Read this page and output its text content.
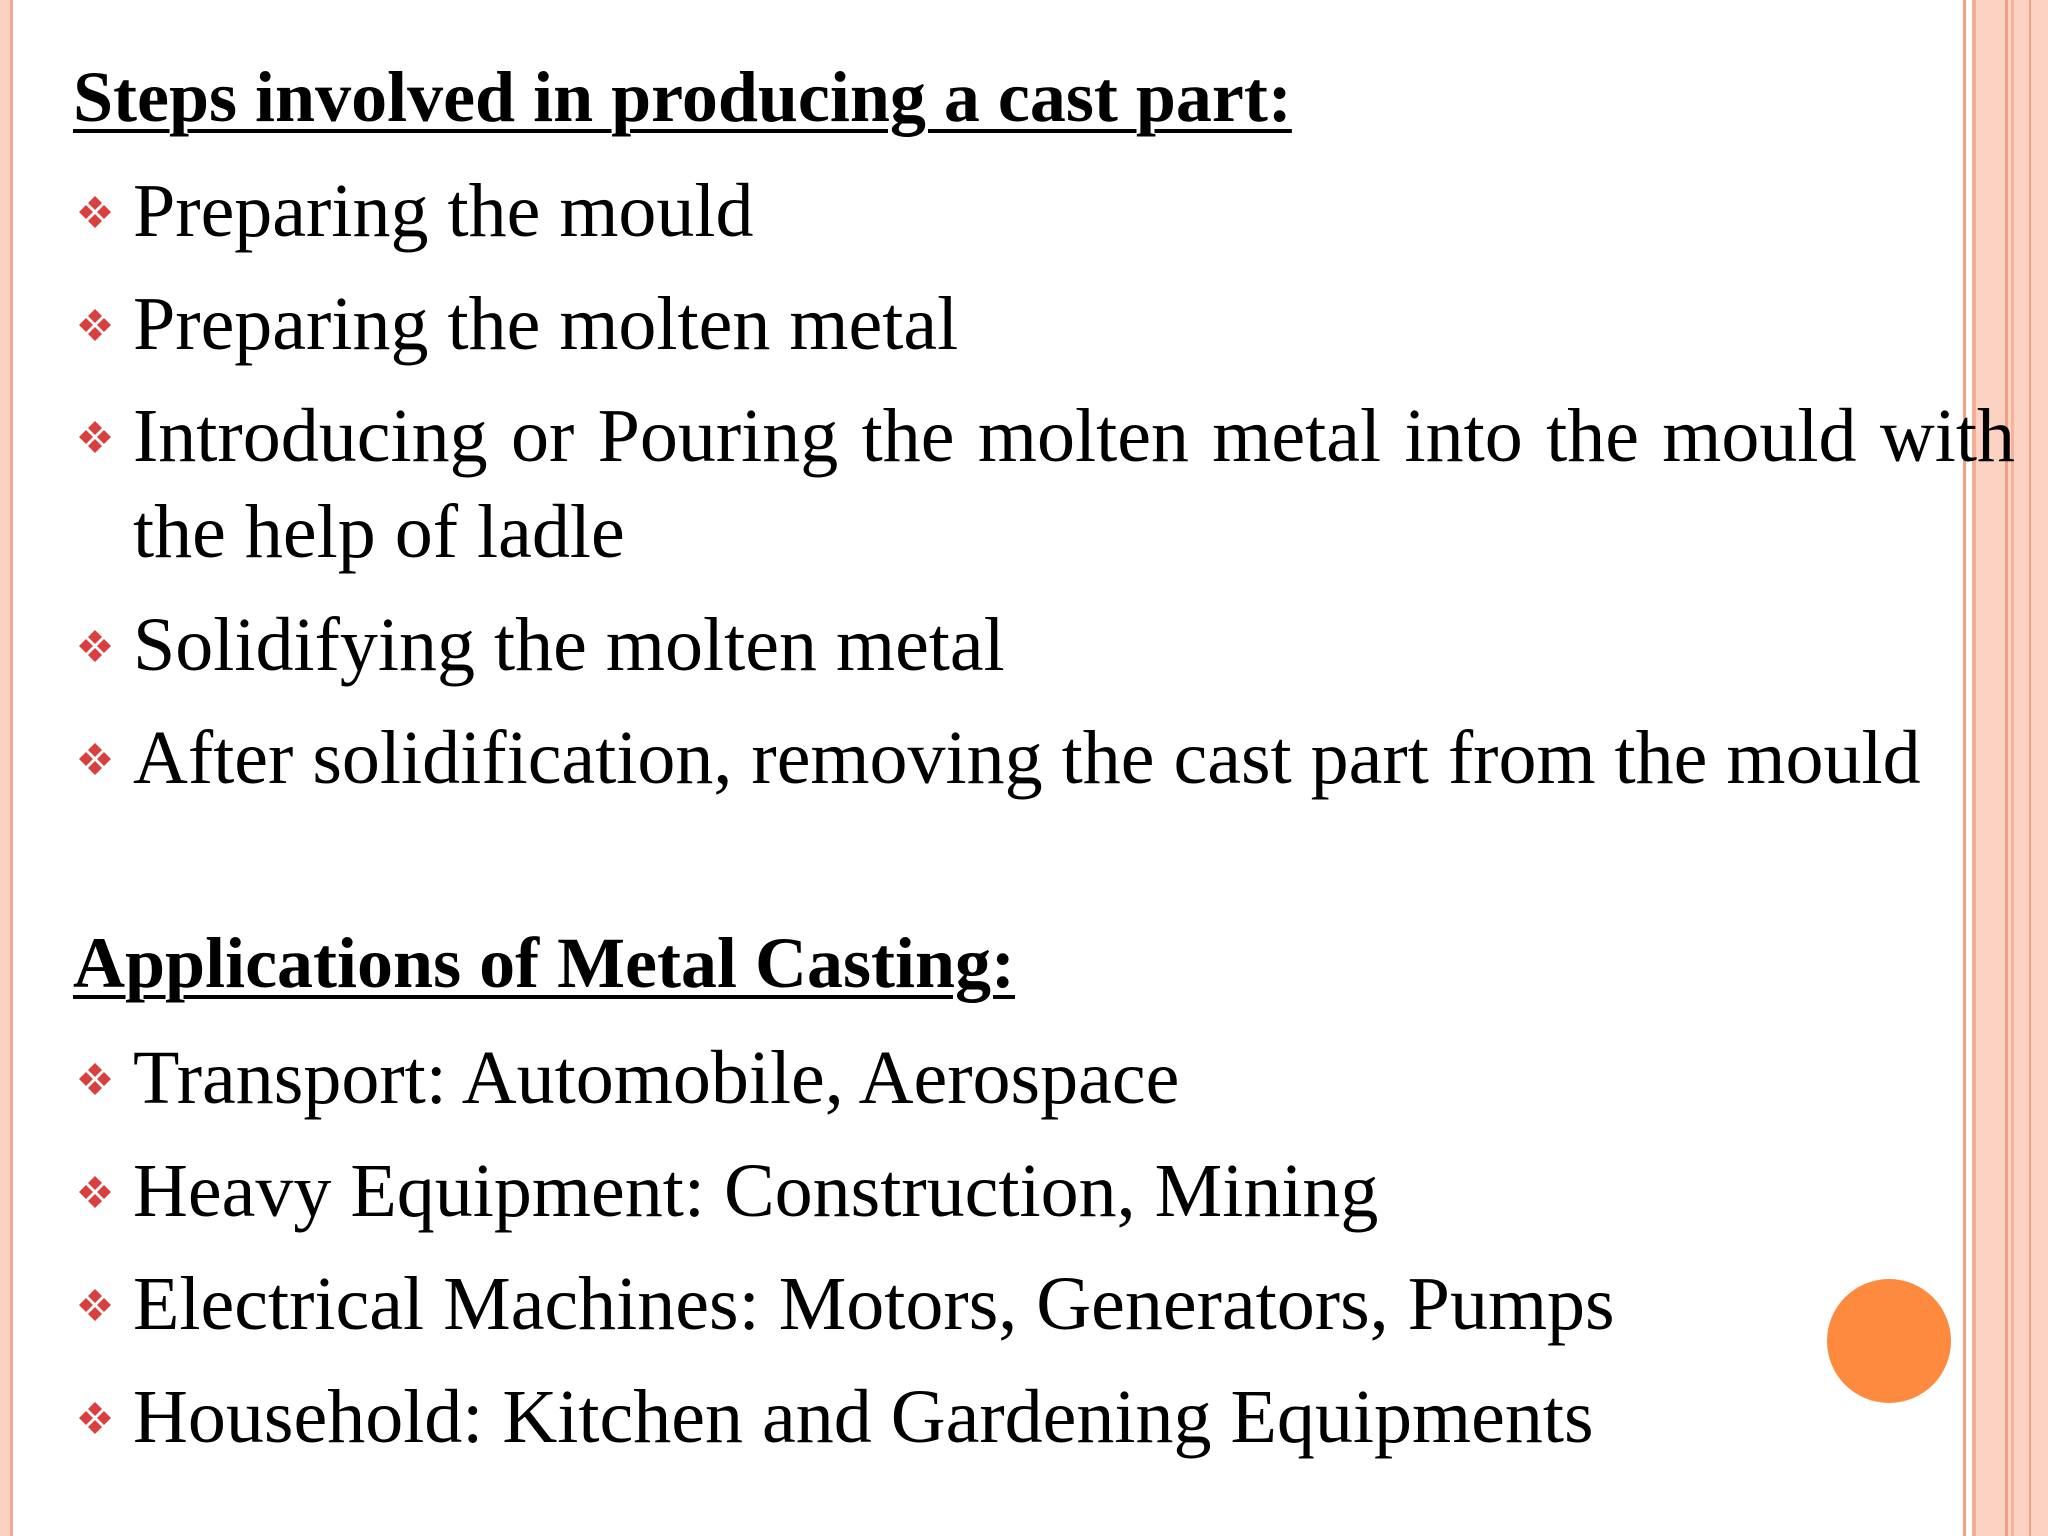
Steps involved in producing a cast part:

Preparing the mould

Preparing the molten metal

Introducing or Pouring the molten metal into the mould with the help of ladle

Solidifying the molten metal

After solidification, removing the cast part from the mould

Applications of Metal Casting:

Transport: Automobile, Aerospace

Heavy Equipment: Construction, Mining

Electrical Machines: Motors, Generators, Pumps

Household: Kitchen and Gardening Equipments
